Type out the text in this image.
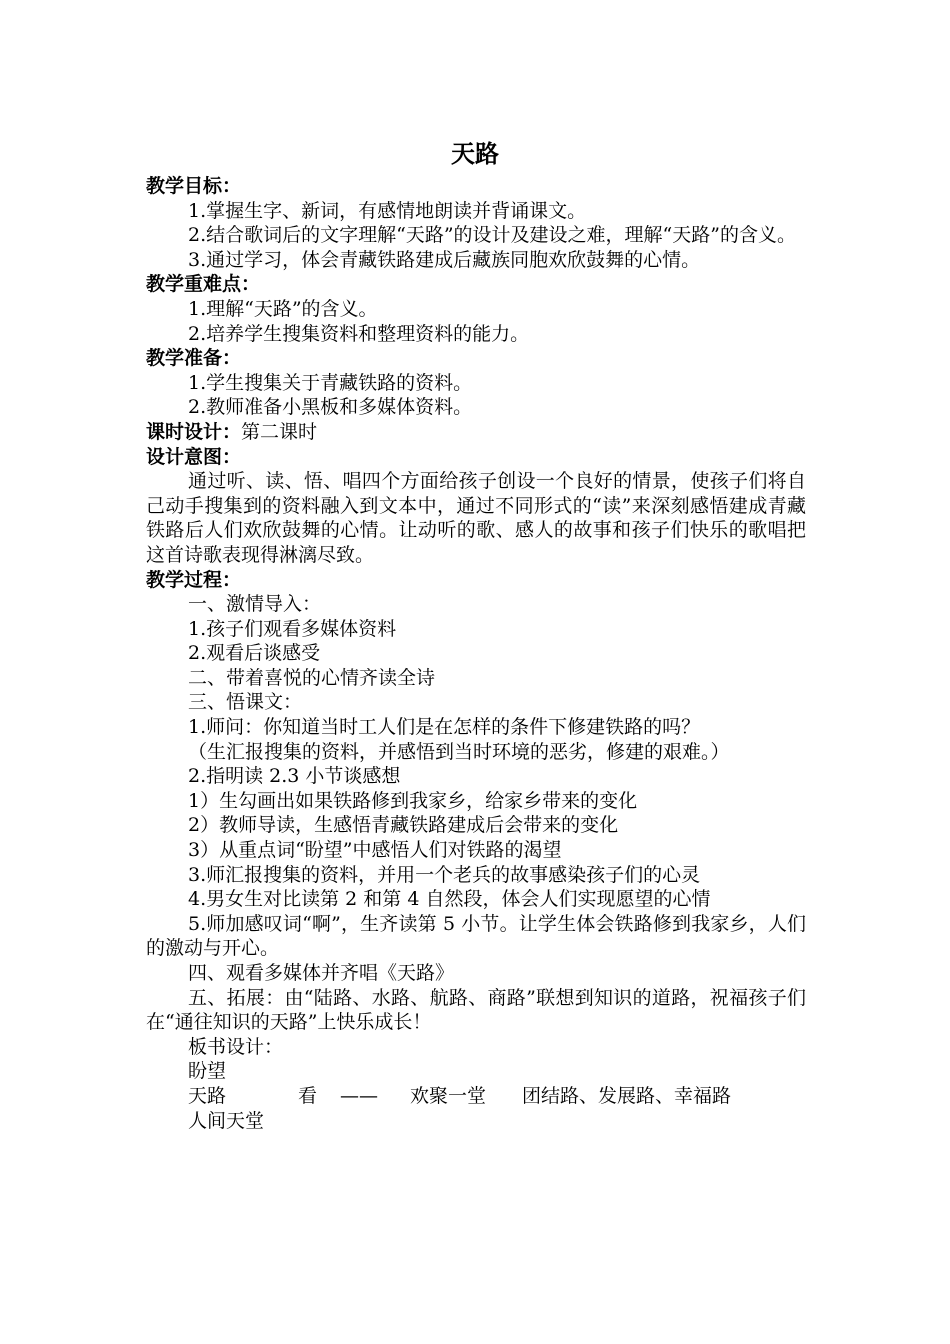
天路
教学目标：
1.掌握生字、新词，有感情地朗读并背诵课文。
2.结合歌词后的文字理解“天路”的设计及建设之难，理解“天路”的含义。
3.通过学习，体会青藏铁路建成后藏族同胞欢欣鼓舞的心情。
教学重难点：
1.理解“天路”的含义。
2.培养学生搜集资料和整理资料的能力。
教学准备：
1.学生搜集关于青藏铁路的资料。
2.教师准备小黑板和多媒体资料。
课时设计：第二课时
设计意图：
通过听、读、悟、唱四个方面给孩子创设一个良好的情景，使孩子们将自己动手搜集到的资料融入到文本中，通过不同形式的“读”来深刻感悟建成青藏铁路后人们欢欣鼓舞的心情。让动听的歌、感人的故事和孩子们快乐的歌唱把这首诗歌表现得淋漓尽致。
教学过程：
一、激情导入：
1.孩子们观看多媒体资料
2.观看后谈感受
二、带着喜悦的心情齐读全诗
三、悟课文：
1.师问：你知道当时工人们是在怎样的条件下修建铁路的吗？
（生汇报搜集的资料，并感悟到当时环境的恶劣，修建的艰难。）
2.指明读 2.3 小节谈感想
1）生勾画出如果铁路修到我家乡，给家乡带来的变化
2）教师导读，生感悟青藏铁路建成后会带来的变化
3）从重点词“盼望”中感悟人们对铁路的渴望
3.师汇报搜集的资料，并用一个老兵的故事感染孩子们的心灵
4.男女生对比读第 2 和第 4 自然段，体会人们实现愿望的心情
5.师加感叹词“啊”，生齐读第 5 小节。让学生体会铁路修到我家乡，人们的激动与开心。
四、观看多媒体并齐唱《天路》
五、拓展：由“陆路、水路、航路、商路”联想到知识的道路，祝福孩子们在“通往知识的天路”上快乐成长！
板书设计：
盼望
天路	看	——	欢聚一堂	团结路、发展路、幸福路
人间天堂
